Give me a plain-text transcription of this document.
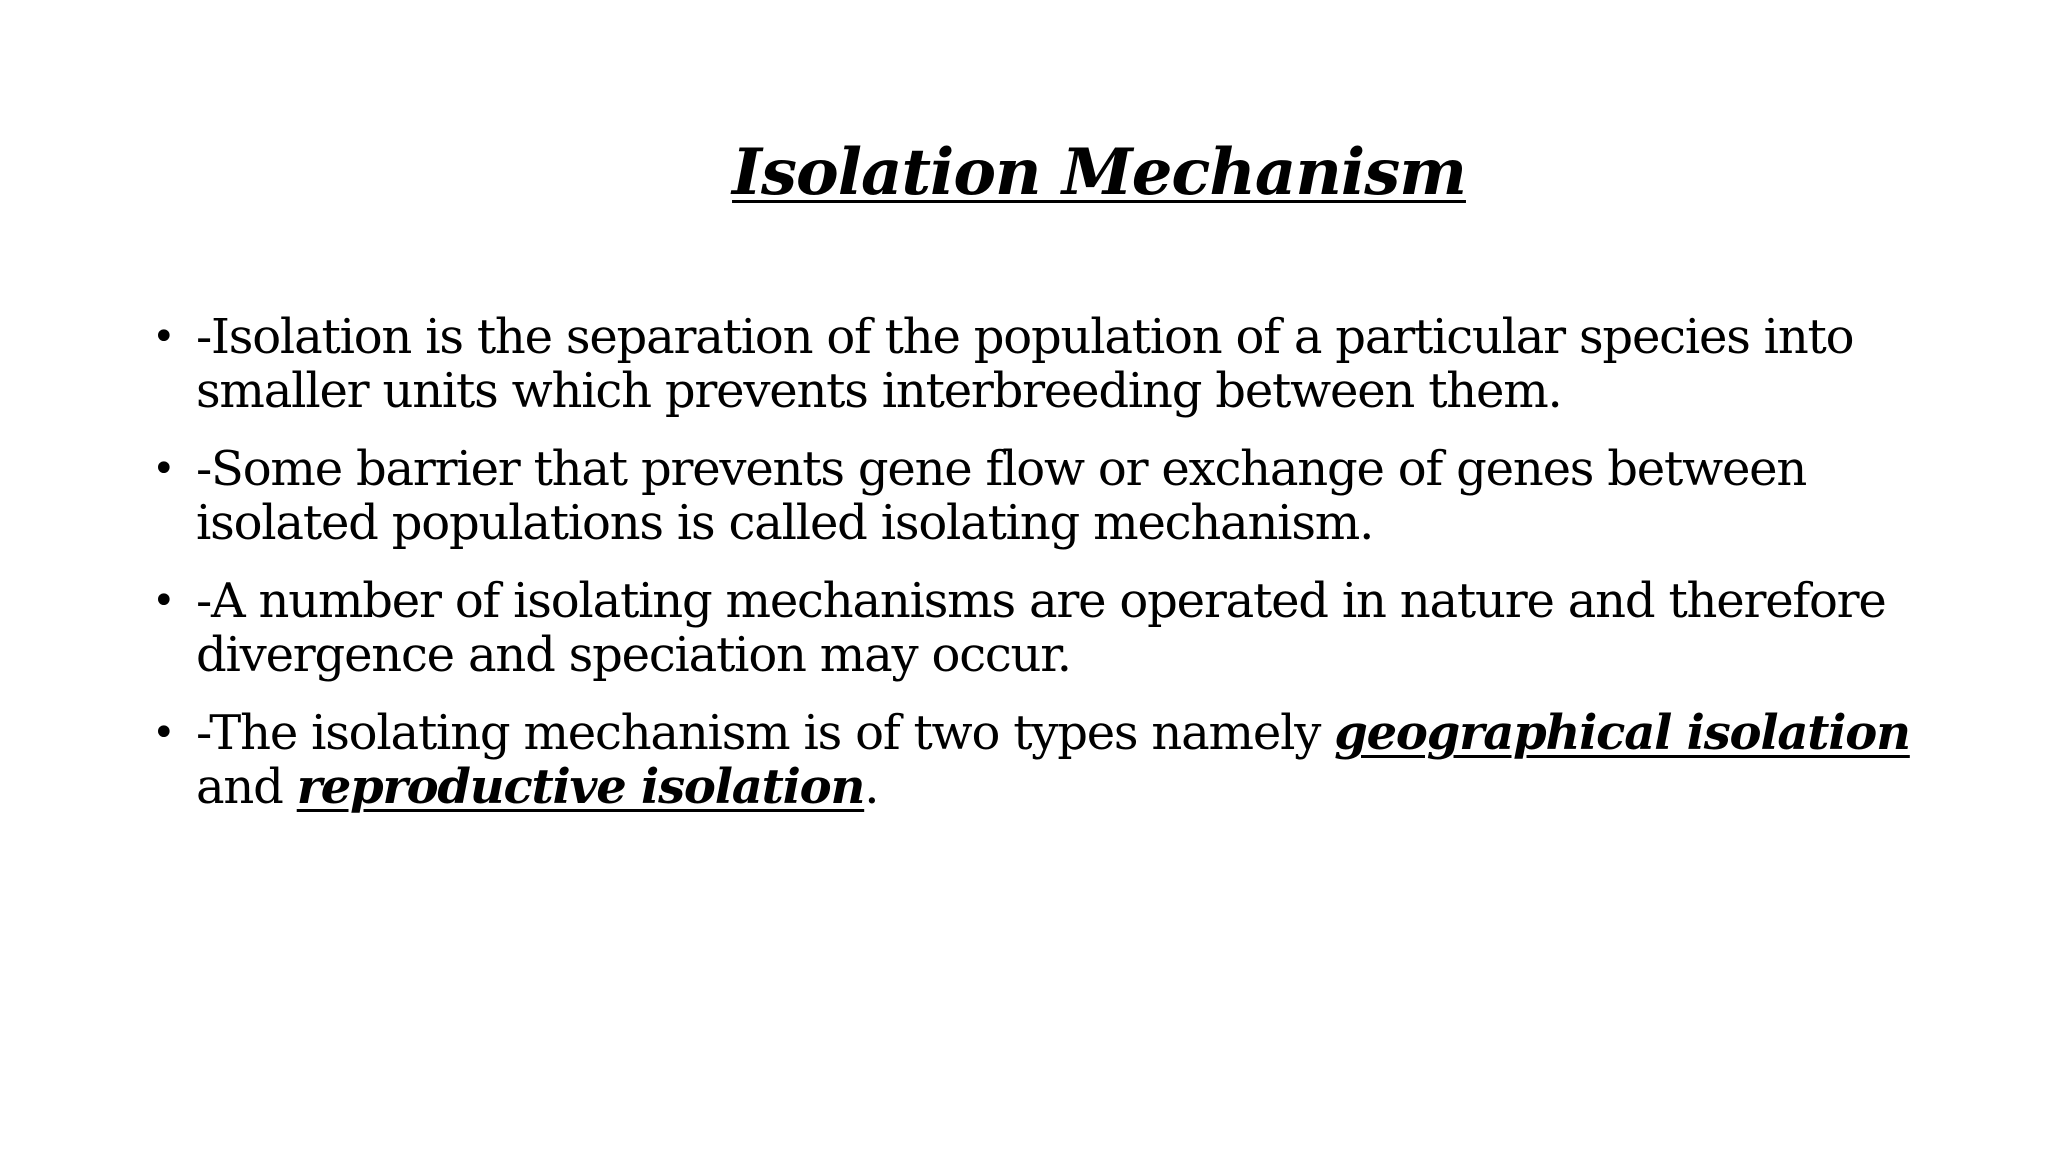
Isolation Mechanism
• -Isolation is the separation of the population of a particular species into smaller units which prevents interbreeding between them.
• -Some barrier that prevents gene flow or exchange of genes between isolated populations is called isolating mechanism.
• -A number of isolating mechanisms are operated in nature and therefore divergence and speciation may occur.
• -The isolating mechanism is of two types namely geographical isolation and reproductive isolation.
